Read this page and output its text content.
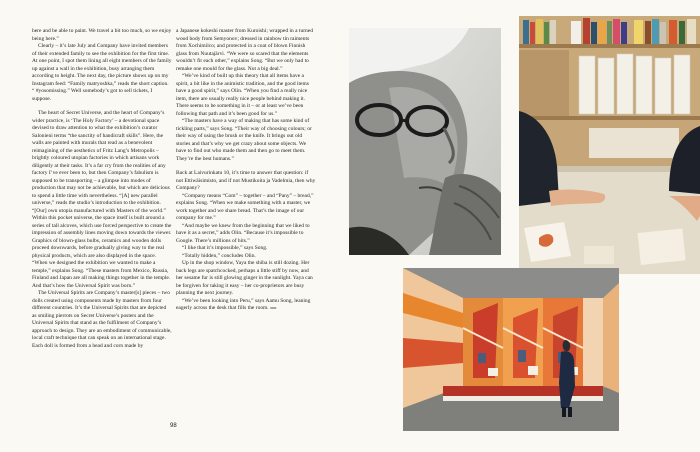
here and be able to paint. We travel a bit too much, so we enjoy being here.”

Clearly – it’s late July and Company have invited members of their extended family to see the exhibition for the first time. At one point, I spot them lining all eight members of the family up against a wall in the exhibition, busy arranging them according to height. The next day, the picture shows up on my Instagram feed: “Family matryoshka,” reads the short caption. “ #yosomissing.” Well somebody’s got to sell tickets, I suppose.

The heart of Secret Universe, and the heart of Company’s wider practice, is ‘The Holy Factory’ – a devotional space devised to draw attention to what the exhibition’s curator Salonieni terms “the sanctity of handicraft skills”. Here, the walls are painted with murals that read as a benevolent reimagining of the aesthetics of Fritz Lang’s Metropolis – brightly coloured utopian factories in which artisans work diligently at their tasks. It’s a far cry from the realities of any factory I’ve ever been to, but then Company’s fabulism is supposed to be transporting – a glimpse into modes of production that may not be achievable, but which are delicious to spend a little time with nevertheless. “[A] new parallel universe,” reads the studio’s introduction to the exhibition. “[Our] own utopia manufactured with Masters of the world.” Within this pocket universe, the space itself is built around a series of tall alcoves, which use forced perspective to create the impression of assembly lines moving down towards the viewer. Graphics of blown-glass bulbs, ceramics and wooden dolls proceed downwards, before gradually giving way to the real physical products, which are also displayed in the space. “When we designed the exhibition we wanted to make a temple,” explains Song. “These masters from Mexico, Russia, Finland and Japan are all making things together in the temple. And that’s how the Universal Spirit was born.”

The Universal Spirits are Company’s master[s] pieces – two dolls created using components made by masters from four different countries. It’s the Universal Spirits that are depicted as smiling pierrots on Secret Universe’s posters and the Universal Spirits that stand as the fulfilment of Company’s approach to design. They are an embodiment of communicable, local craft technique that can speak on an international stage. Each doll is formed from a head and corn made by

a Japanese kokeshi master from Kuroishi; wrapped in a turned wood body from Semyonov; dressed in rainbow tin raiments from Xochimilco; and protected in a coat of blown Finnish glass from Nuutajärvi. “We were so scared that the elements wouldn’t fit each other,” explains Song. “But we only had to remake one mould for the glass. Not a big deal.”

“We’ve kind of built up this theory that all items have a spirit, a bit like in the animistic tradition, and the good items have a good spirit,” says Olin. “When you find a really nice item, there are usually really nice people behind making it. There seems to be something in it – or at least we’ve been following that path and it’s been good for us.”

“The masters have a way of making that has some kind of tickling parts,” says Song. “Their way of choosing colours; or their way of using the brush or the knife. It brings out old stories and that’s why we get crazy about some objects. We have to find out who made them and then go to meet them. They’re the best humans.”

Back at Laivurinkatu 10, it’s time to answer that question: if not Ettiwäisimisto, and if not Mustikoita ja Vadelmia, then why Company?

“Company means “Com” – together – and “Pany” – bread,” explains Song. “When we make something with a master, we work together and we share bread. That’s the image of our company for me.”

“And maybe we knew from the beginning that we liked to have it as a secret,” adds Olin. “Because it’s impossible to Google. There’s millions of hits.”

“I like that it’s impossible,” says Song.

“Totally hidden,” concludes Olin.

Up in the shop window, Yaya the shiba is still dozing. Her back legs are spatchcocked, perhaps a little stiff by now, and her sesame fur is still glowing ginger in the sunlight. Yaya can be forgiven for taking it easy – her co-proprietors are busy planning the next journey.

“We’ve been looking into Peru,” says Aamu Song, leaning eagerly across the desk that fills the room. »»»

98
